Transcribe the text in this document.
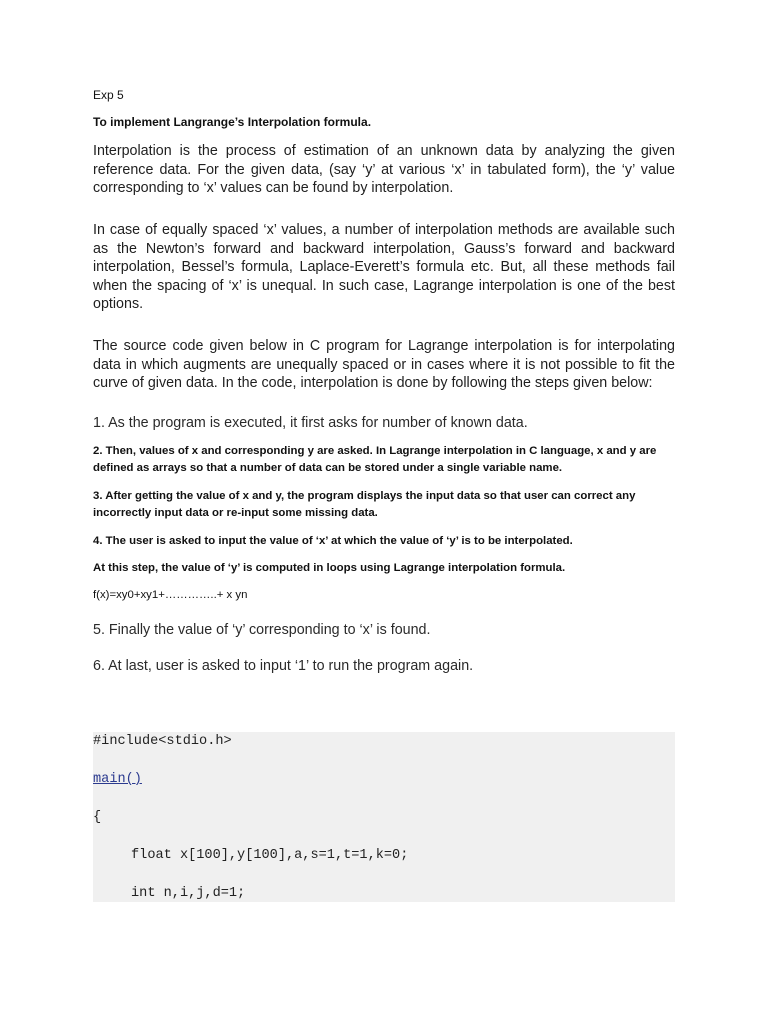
Exp 5
To implement Langrange’s Interpolation formula.
Interpolation is the process of estimation of an unknown data by analyzing the given reference data. For the given data, (say ‘y’ at various ‘x’ in tabulated form), the ‘y’ value corresponding to ‘x’ values can be found by interpolation.
In case of equally spaced ‘x’ values, a number of interpolation methods are available such as the Newton’s forward and backward interpolation, Gauss’s forward and backward interpolation, Bessel’s formula, Laplace-Everett’s formula etc. But, all these methods fail when the spacing of ‘x’ is unequal. In such case, Lagrange interpolation is one of the best options.
The source code given below in C program for Lagrange interpolation is for interpolating data in which augments are unequally spaced or in cases where it is not possible to fit the curve of given data. In the code, interpolation is done by following the steps given below:
1. As the program is executed, it first asks for number of known data.
2. Then, values of x and corresponding y are asked. In Lagrange interpolation in C language, x and y are defined as arrays so that a number of data can be stored under a single variable name.
3. After getting the value of x and y, the program displays the input data so that user can correct any incorrectly input data or re-input some missing data.
4. The user is asked to input the value of ‘x’ at which the value of ‘y’ is to be interpolated.
At this step, the value of ‘y’ is computed in loops using Lagrange interpolation formula.
f(x)=xy0+xy1+…………..+ x yn
5. Finally the value of ‘y’ corresponding to ‘x’ is found.
6. At last, user is asked to input ‘1’ to run the program again.
#include<stdio.h>
main()
{
float x[100],y[100],a,s=1,t=1,k=0;
int n,i,j,d=1;
